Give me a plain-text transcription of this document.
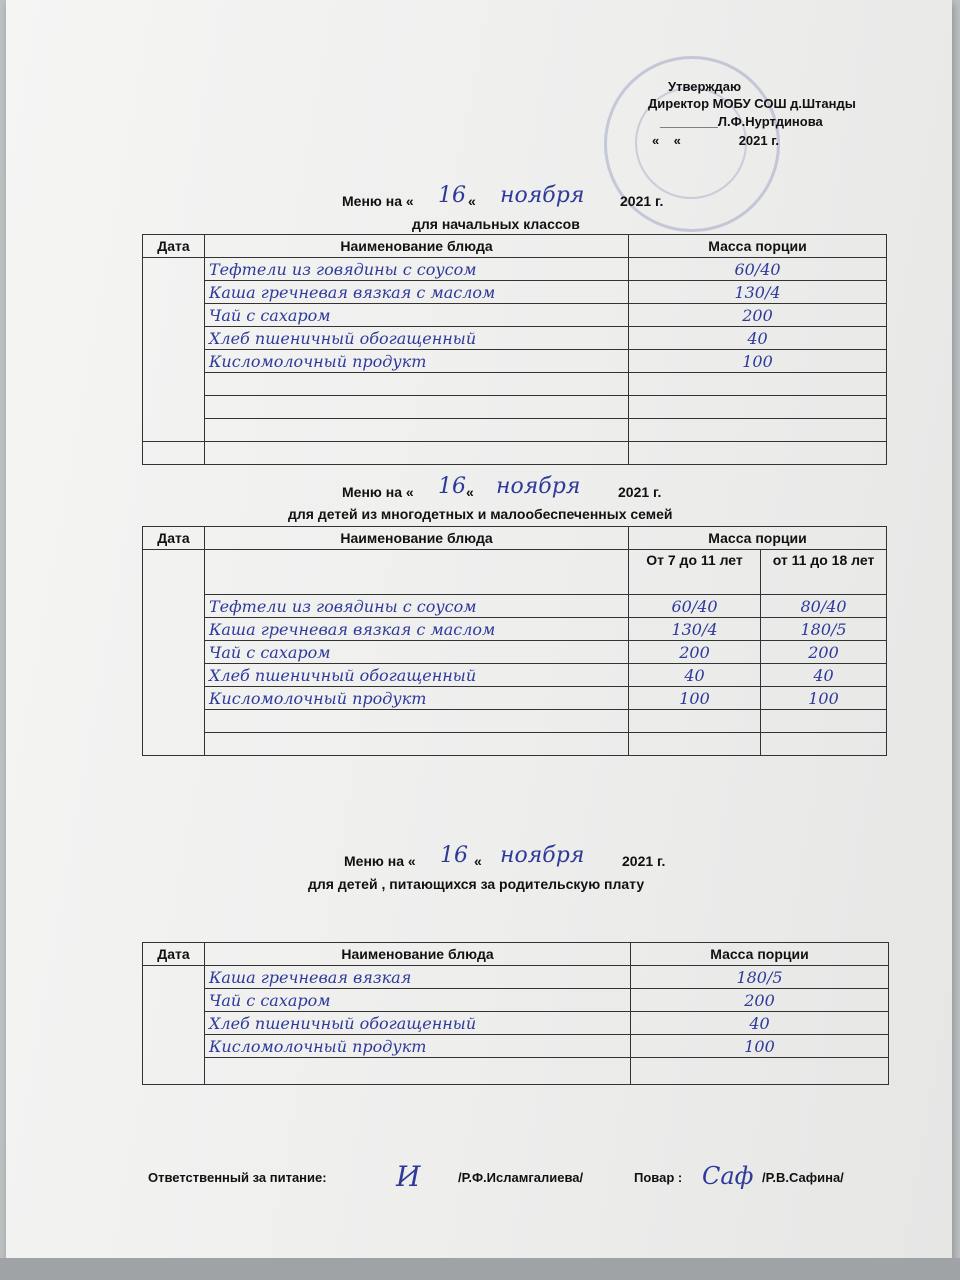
Утверждаю
Директор МОБУ СОШ д.Штанды
________Л.Ф.Нуртдинова
«    «                2021 г.
Меню на « 16 « ноября	2021 г.
для начальных классов
Дата	Наименование блюда	Масса порции
	Тефтели из говядины с соусом	60/40
	Каша гречневая вязкая с маслом	130/4
	Чай с сахаром	200
	Хлеб пшеничный обогащенный	40
	Кисломолочный продукт	100

Меню на « 16 « ноября	2021 г.
для детей из многодетных и малообеспеченных семей
Дата	Наименование блюда	Масса порции	
		От 7 до 11 лет	от 11 до 18 лет
	Тефтели из говядины с соусом	60/40	80/40
	Каша гречневая вязкая с маслом	130/4	180/5
	Чай с сахаром	200	200
	Хлеб пшеничный обогащенный	40	40
	Кисломолочный продукт	100	100

Меню на « 16 « ноября	2021 г.
для детей , питающихся за родительскую плату
Дата	Наименование блюда	Масса порции
	Каша гречневая вязкая	180/5
	Чай с сахаром	200
	Хлеб пшеничный обогащенный	40
	Кисломолочный продукт	100

Ответственный за питание: И	/Р.Ф.Исламгалиева/	Повар : Саф /Р.В.Сафина/
